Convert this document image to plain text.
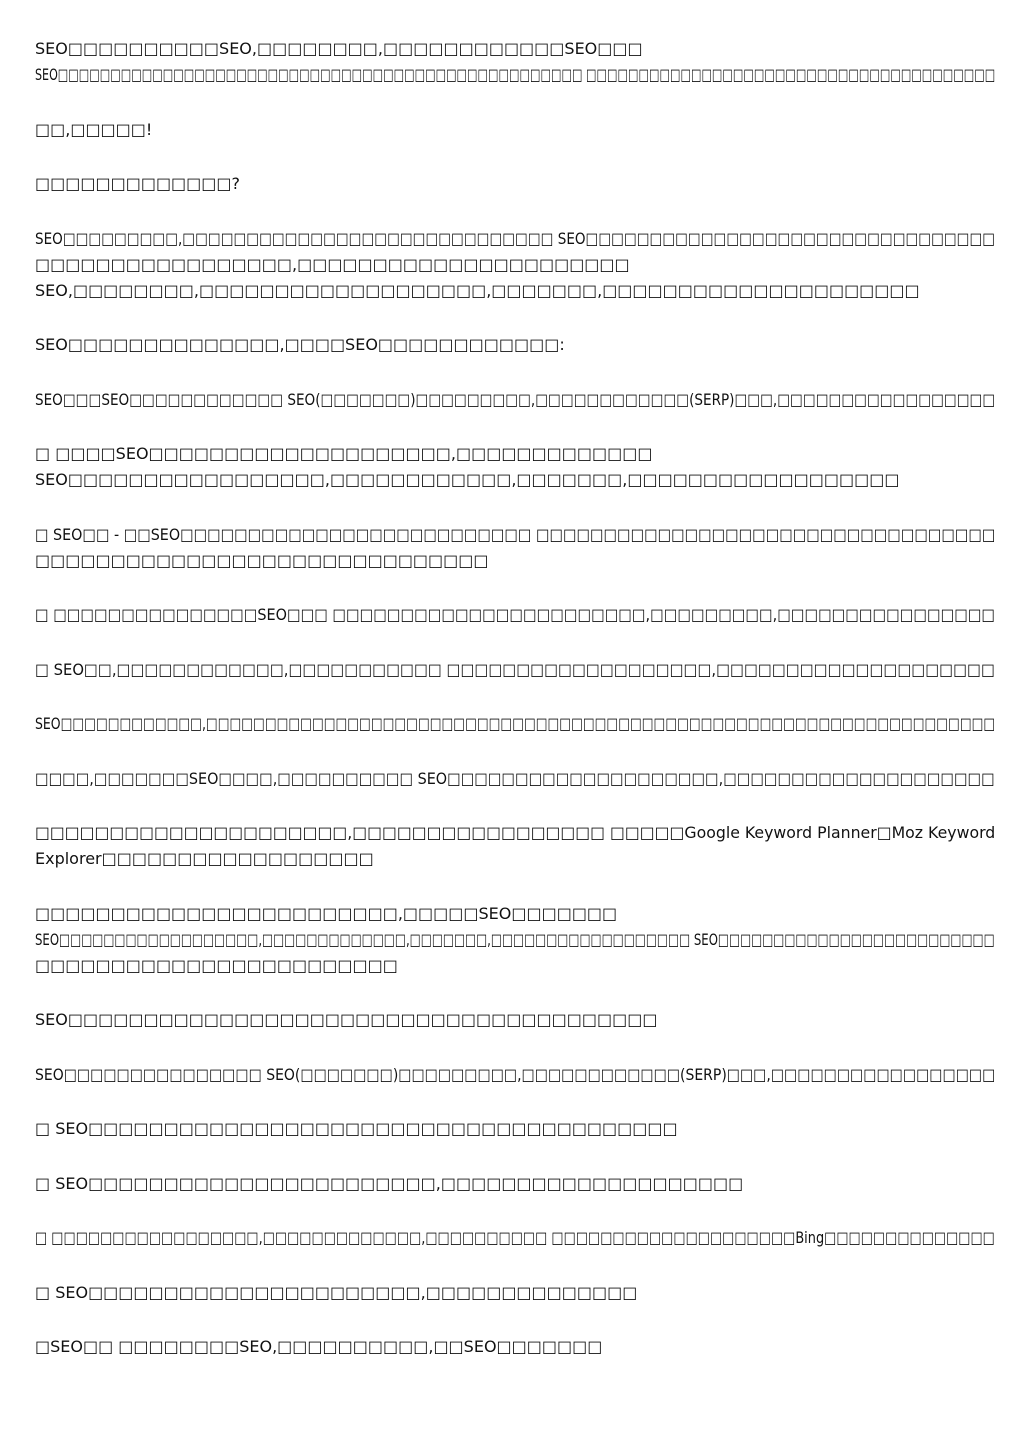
SEO□□□□□□□□□□SEO,□□□□□□□□,□□□□□□□□□□□□SEO□□□
SEO□□□□□□□□□□□□□□□□□□□□□□□□□□□□□□□□□□□□□□□□□□□□□□□□□□ □□□□□□□□□□□□□□□□□□□□□□□□□□□□□□□□□□□□□□□
□□,□□□□□!
□□□□□□□□□□□□□?
SEO□□□□□□□□□,□□□□□□□□□□□□□□□□□□□□□□□□□□□□□ SEO□□□□□□□□□□□□□□□□□□□□□□□□□□□□□□□□
□□□□□□□□□□□□□□□□□,□□□□□□□□□□□□□□□□□□□□□□
SEO,□□□□□□□□,□□□□□□□□□□□□□□□□□□□,□□□□□□□,□□□□□□□□□□□□□□□□□□□□□
SEO□□□□□□□□□□□□□□,□□□□SEO□□□□□□□□□□□□:
SEO□□□SEO□□□□□□□□□□□□ SEO(□□□□□□□)□□□□□□□□□,□□□□□□□□□□□□(SERP)□□□,□□□□□□□□□□□□□□□□□
□ □□□□SEO□□□□□□□□□□□□□□□□□□□□,□□□□□□□□□□□□□
SEO□□□□□□□□□□□□□□□□□,□□□□□□□□□□□□,□□□□□□□,□□□□□□□□□□□□□□□□□□
□ SEO□□ - □□SEO□□□□□□□□□□□□□□□□□□□□□□□□□□ □□□□□□□□□□□□□□□□□□□□□□□□□□□□□□□□□□
□□□□□□□□□□□□□□□□□□□□□□□□□□□□□□
□ □□□□□□□□□□□□□□□SEO□□□ □□□□□□□□□□□□□□□□□□□□□□□,□□□□□□□□□,□□□□□□□□□□□□□□□□
□ SEO□□,□□□□□□□□□□□□,□□□□□□□□□□□ □□□□□□□□□□□□□□□□□□□,□□□□□□□□□□□□□□□□□□□□
SEO□□□□□□□□□□□□,□□□□□□□□□□□□□□□□□□□□□□□□□□□□□□□□□□□□□□□□□□□□□□□□□□□□□□□□□□□□□□□□□□□
□□□□,□□□□□□□SEO□□□□,□□□□□□□□□□ SEO□□□□□□□□□□□□□□□□□□□□,□□□□□□□□□□□□□□□□□□□□
□□□□□□□□□□□□□□□□□□□□□,□□□□□□□□□□□□□□□□□ □□□□□Google Keyword Planner□Moz Keyword
Explorer□□□□□□□□□□□□□□□□□□
□□□□□□□□□□□□□□□□□□□□□□□□,□□□□□SEO□□□□□□□
SEO□□□□□□□□□□□□□□□□□□,□□□□□□□□□□□□□,□□□□□□□,□□□□□□□□□□□□□□□□□□ SEO□□□□□□□□□□□□□□□□□□□□□□□□□
□□□□□□□□□□□□□□□□□□□□□□□□
SEO□□□□□□□□□□□□□□□□□□□□□□□□□□□□□□□□□□□□□□□
SEO□□□□□□□□□□□□□□□ SEO(□□□□□□□)□□□□□□□□□,□□□□□□□□□□□□(SERP)□□□,□□□□□□□□□□□□□□□□□
□ SEO□□□□□□□□□□□□□□□□□□□□□□□□□□□□□□□□□□□□□□□
□ SEO□□□□□□□□□□□□□□□□□□□□□□□,□□□□□□□□□□□□□□□□□□□□
□ □□□□□□□□□□□□□□□□□,□□□□□□□□□□□□□,□□□□□□□□□□ □□□□□□□□□□□□□□□□□□□□Bing□□□□□□□□□□□□□□
□ SEO□□□□□□□□□□□□□□□□□□□□□□,□□□□□□□□□□□□□□
□SEO□□ □□□□□□□□SEO,□□□□□□□□□□,□□SEO□□□□□□□
